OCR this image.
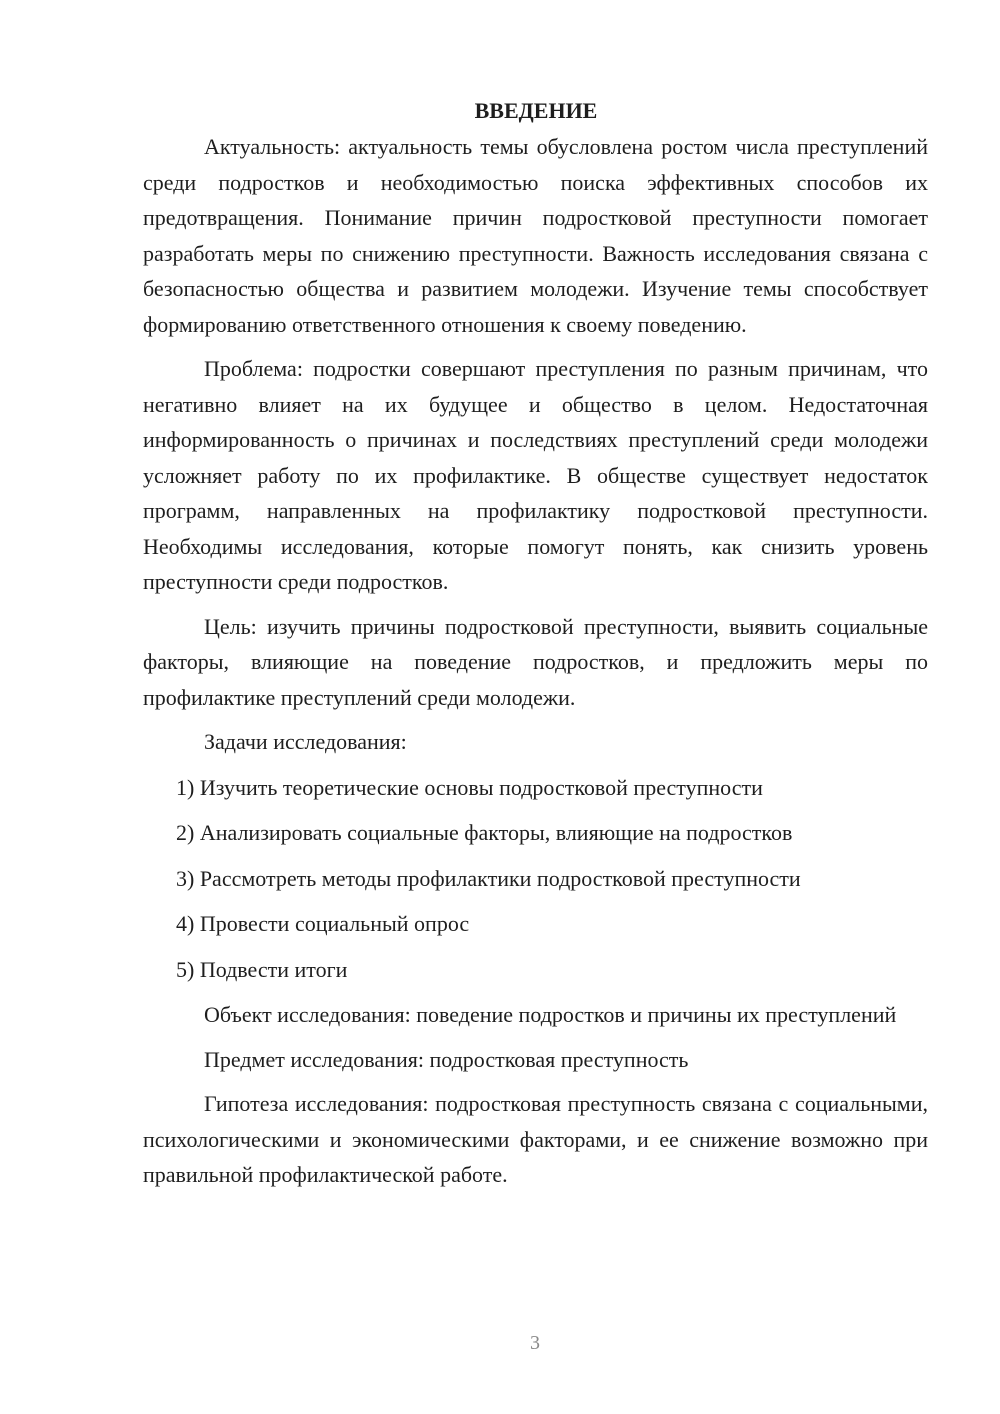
ВВЕДЕНИЕ

Актуальность: актуальность темы обусловлена ростом числа преступлений среди подростков и необходимостью поиска эффективных способов их предотвращения. Понимание причин подростковой преступности помогает разработать меры по снижению преступности. Важность исследования связана с безопасностью общества и развитием молодежи. Изучение темы способствует формированию ответственного отношения к своему поведению.

Проблема: подростки совершают преступления по разным причинам, что негативно влияет на их будущее и общество в целом. Недостаточная информированность о причинах и последствиях преступлений среди молодежи усложняет работу по их профилактике. В обществе существует недостаток программ, направленных на профилактику подростковой преступности. Необходимы исследования, которые помогут понять, как снизить уровень преступности среди подростков.

Цель: изучить причины подростковой преступности, выявить социальные факторы, влияющие на поведение подростков, и предложить меры по профилактике преступлений среди молодежи.

Задачи исследования:
1) Изучить теоретические основы подростковой преступности
2) Анализировать социальные факторы, влияющие на подростков
3) Рассмотреть методы профилактики подростковой преступности
4) Провести социальный опрос
5) Подвести итоги

Объект исследования: поведение подростков и причины их преступлений

Предмет исследования: подростковая преступность

Гипотеза исследования: подростковая преступность связана с социальными, психологическими и экономическими факторами, и ее снижение возможно при правильной профилактической работе.

3
